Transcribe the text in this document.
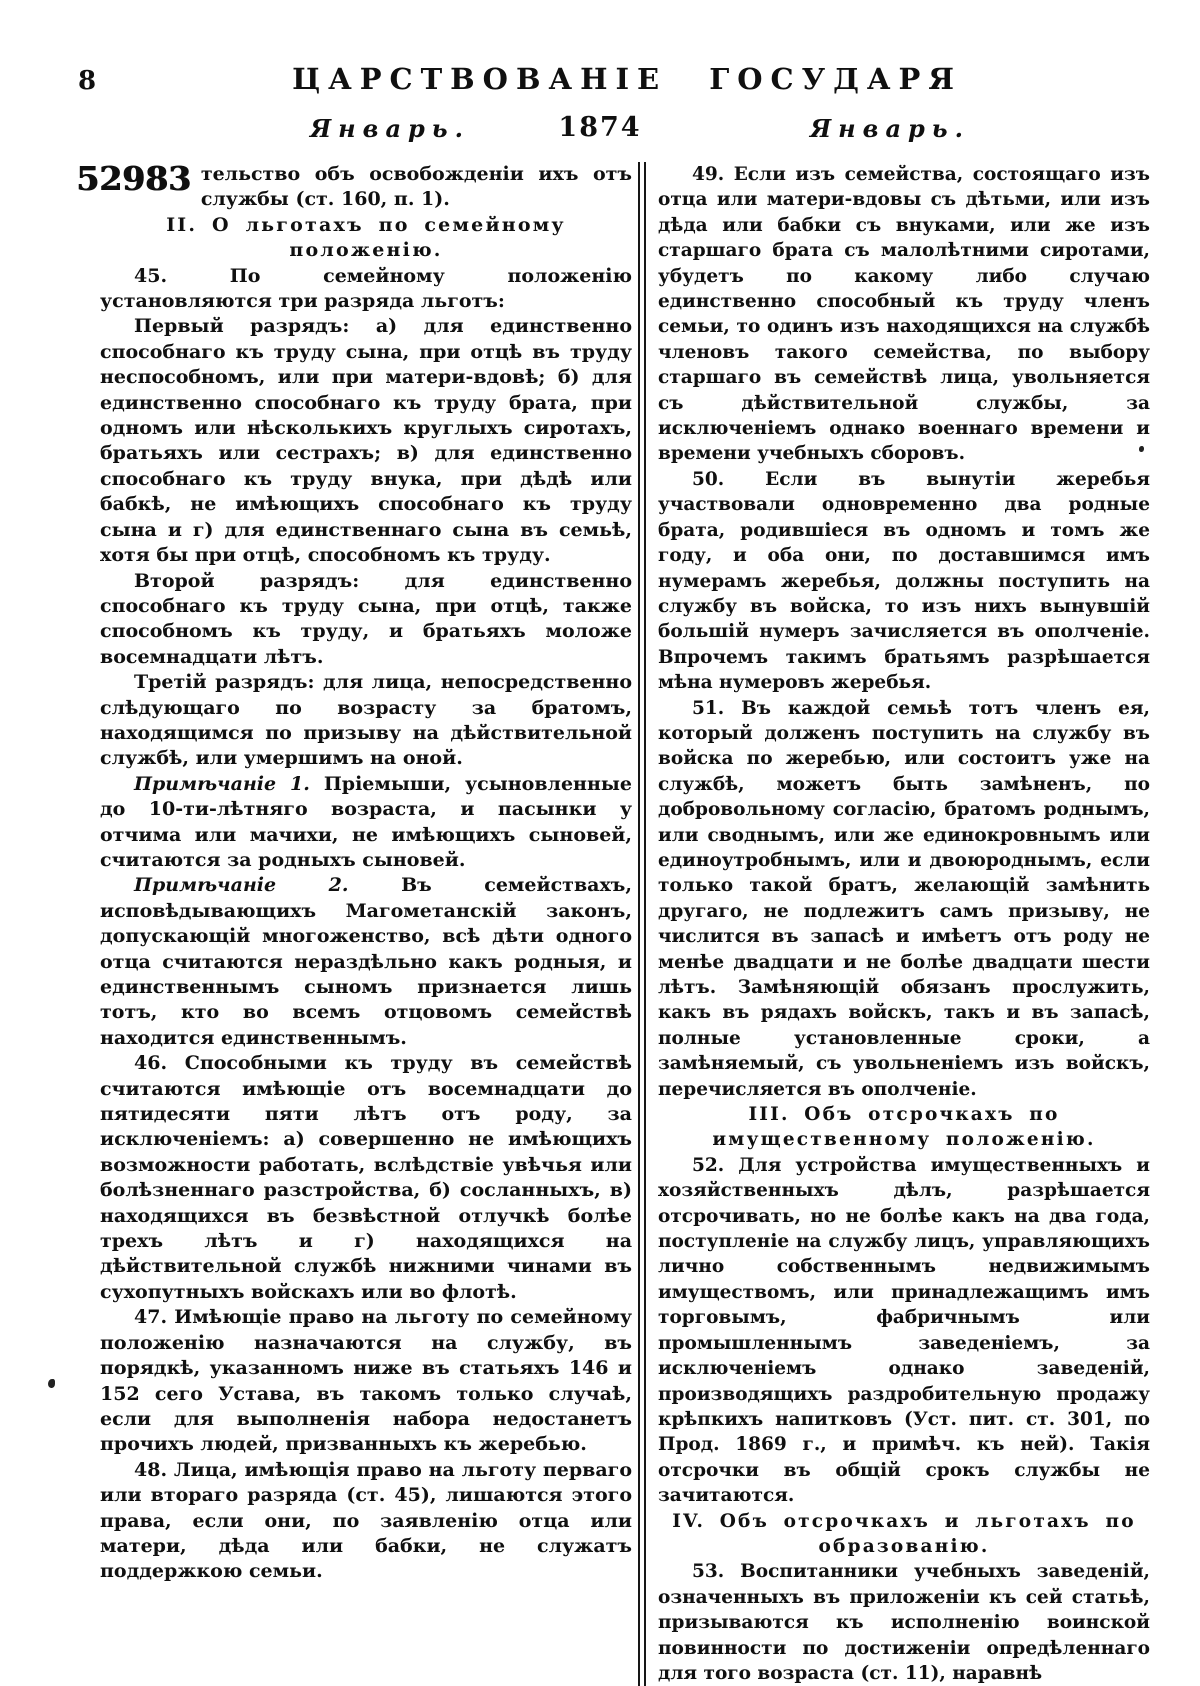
8	ЦАРСТВОВАНІЕ ГОСУДАРЯ
Январь.	1874	Январь.

52983 тельство объ освобожденіи ихъ отъ службы (ст. 160, п. 1).

II. О льготахъ по семейному положенію.

45. По семейному положенію установляются три разряда льготъ:

Первый разрядъ: а) для единственно способнаго къ труду сына, при отцѣ въ труду неспособномъ, или при матери-вдовѣ; б) для единственно способнаго къ труду брата, при одномъ или нѣсколькихъ круглыхъ сиротахъ, братьяхъ или сестрахъ; в) для единственно способнаго къ труду внука, при дѣдѣ или бабкѣ, не имѣющихъ способнаго къ труду сына и г) для единственнаго сына въ семьѣ, хотя бы при отцѣ, способномъ къ труду.

Второй разрядъ: для единственно способнаго къ труду сына, при отцѣ, также способномъ къ труду, и братьяхъ моложе восемнадцати лѣтъ.

Третій разрядъ: для лица, непосредственно слѣдующаго по возрасту за братомъ, находящимся по призыву на дѣйствительной службѣ, или умершимъ на оной.

Примѣчаніе 1. Пріемыши, усыновленные до 10-ти-лѣтняго возраста, и пасынки у отчима или мачихи, не имѣющихъ сыновей, считаются за родныхъ сыновей.

Примѣчаніе 2. Въ семействахъ, исповѣдывающихъ Магометанскій законъ, допускающій многоженство, всѣ дѣти одного отца считаются нераздѣльно какъ родныя, и единственнымъ сыномъ признается лишь тотъ, кто во всемъ отцовомъ семействѣ находится единственнымъ.

46. Способными къ труду въ семействѣ считаются имѣющіе отъ восемнадцати до пятидесяти пяти лѣтъ отъ роду, за исключеніемъ: а) совершенно не имѣющихъ возможности работать, вслѣдствіе увѣчья или болѣзненнаго разстройства, б) сосланныхъ, в) находящихся въ безвѣстной отлучкѣ болѣе трехъ лѣтъ и г) находящихся на дѣйствительной службѣ нижними чинами въ сухопутныхъ войскахъ или во флотѣ.

47. Имѣющіе право на льготу по семейному положенію назначаются на службу, въ порядкѣ, указанномъ ниже въ статьяхъ 146 и 152 сего Устава, въ такомъ только случаѣ, если для выполненія набора недостанетъ прочихъ людей, призванныхъ къ жеребью.

48. Лица, имѣющія право на льготу перваго или втораго разряда (ст. 45), лишаются этого права, если они, по заявленію отца или матери, дѣда или бабки, не служатъ поддержкою семьи.

49. Если изъ семейства, состоящаго изъ отца или матери-вдовы съ дѣтьми, или изъ дѣда или бабки съ внуками, или же изъ старшаго брата съ малолѣтними сиротами, убудетъ по какому либо случаю единственно способный къ труду членъ семьи, то одинъ изъ находящихся на службѣ членовъ такого семейства, по выбору старшаго въ семействѣ лица, увольняется съ дѣйствительной службы, за исключеніемъ однако военнаго времени и времени учебныхъ сборовъ.

50. Если въ вынутіи жеребья участвовали одновременно два родные брата, родившіеся въ одномъ и томъ же году, и оба они, по доставшимся имъ нумерамъ жеребья, должны поступить на службу въ войска, то изъ нихъ вынувшій большій нумеръ зачисляется въ ополченіе. Впрочемъ такимъ братьямъ разрѣшается мѣна нумеровъ жеребья.

51. Въ каждой семьѣ тотъ членъ ея, который долженъ поступить на службу въ войска по жеребью, или состоитъ уже на службѣ, можетъ быть замѣненъ, по добровольному согласію, братомъ роднымъ, или своднымъ, или же единокровнымъ или единоутробнымъ, или и двоюроднымъ, если только такой братъ, желающій замѣнить другаго, не подлежитъ самъ призыву, не числится въ запасѣ и имѣетъ отъ роду не менѣе двадцати и не болѣе двадцати шести лѣтъ. Замѣняющій обязанъ прослужить, какъ въ рядахъ войскъ, такъ и въ запасѣ, полные установленные сроки, а замѣняемый, съ увольненіемъ изъ войскъ, перечисляется въ ополченіе.

III. Объ отсрочкахъ по имущественному положенію.

52. Для устройства имущественныхъ и хозяйственныхъ дѣлъ, разрѣшается отсрочивать, но не болѣе какъ на два года, поступленіе на службу лицъ, управляющихъ лично собственнымъ недвижимымъ имуществомъ, или принадлежащимъ имъ торговымъ, фабричнымъ или промышленнымъ заведеніемъ, за исключеніемъ однако заведеній, производящихъ раздробительную продажу крѣпкихъ напитковъ (Уст. пит. ст. 301, по Прод. 1869 г., и примѣч. къ ней). Такія отсрочки въ общій срокъ службы не зачитаются.

IV. Объ отсрочкахъ и льготахъ по образованію.

53. Воспитанники учебныхъ заведеній, означенныхъ въ приложеніи къ сей статьѣ, призываются къ исполненію воинской повинности по достиженіи опредѣленнаго для того возраста (ст. 11), наравнѣ
